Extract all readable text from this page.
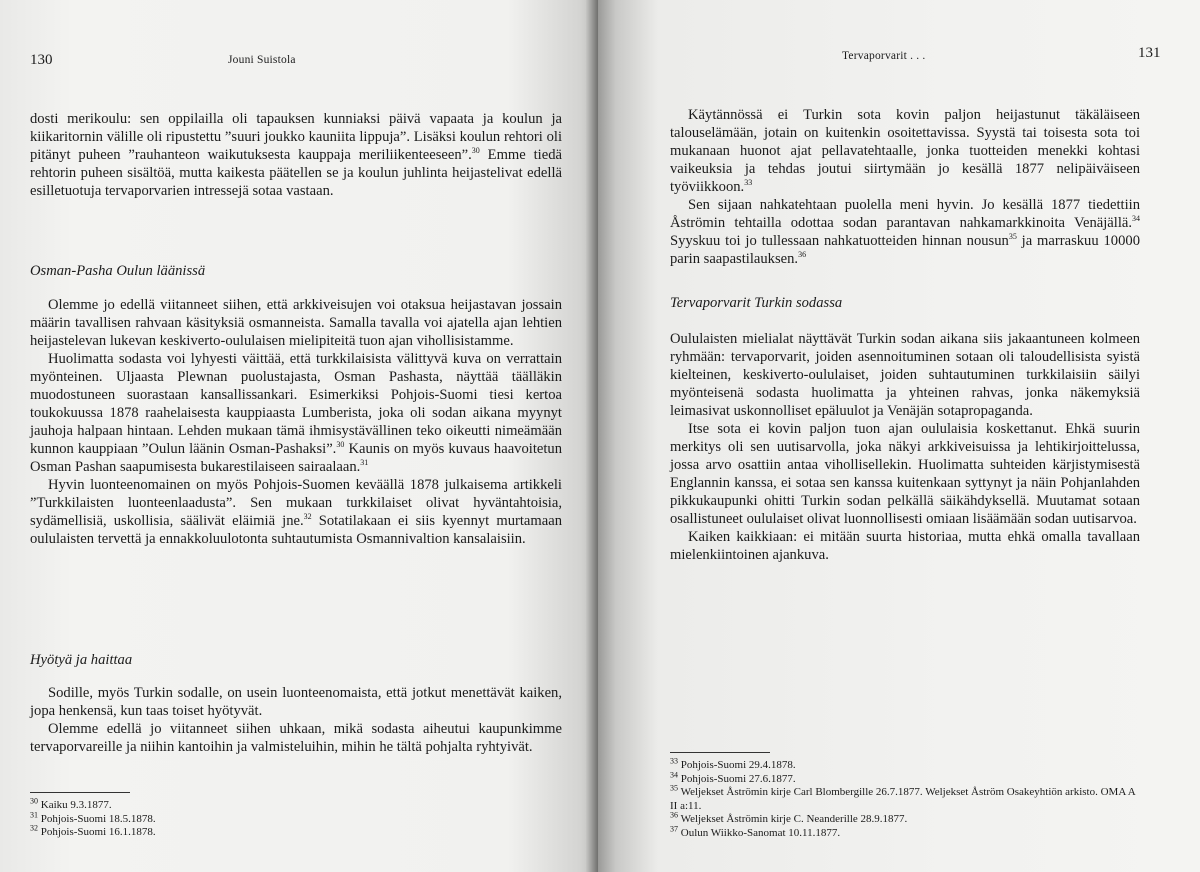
130	Jouni Suistola

dosti merikoulu: sen oppilailla oli tapauksen kunniaksi päivä vapaata ja koulun ja kiikaritornin välille oli ripustettu ”suuri joukko kauniita lippuja”. Lisäksi koulun rehtori oli pitänyt puheen ”rauhanteon waikutuksesta kauppaja meriliikenteeseen”.$^{30}$ Emme tiedä rehtorin puheen sisältöä, mutta kaikesta päätellen se ja koulun juhlinta heijastelivat edellä esilletuotuja tervaporvarien intressejä sotaa vastaan.

Osman-Pasha Oulun läänissä

Olemme jo edellä viitanneet siihen, että arkkiveisujen voi otaksua heijastavan jossain määrin tavallisen rahvaan käsityksiä osmanneista. Samalla tavalla voi ajatella ajan lehtien heijastelevan lukevan keskiverto-oululaisen mielipiteitä tuon ajan vihollisistamme.

Huolimatta sodasta voi lyhyesti väittää, että turkkilaisista välittyvä kuva on verrattain myönteinen. Uljaasta Plewnan puolustajasta, Osman Pashasta, näyttää täälläkin muodostuneen suorastaan kansallissankari. Esimerkiksi Pohjois-Suomi tiesi kertoa toukokuussa 1878 raahelaisesta kauppiaasta Lumberista, joka oli sodan aikana myynyt jauhoja halpaan hintaan. Lehden mukaan tämä ihmisystävällinen teko oikeutti nimeämään kunnon kauppiaan ”Oulun läänin Osman-Pashaksi”.$^{30}$ Kaunis on myös kuvaus haavoitetun Osman Pashan saapumisesta bukarestilaiseen sairaalaan.$^{31}$

Hyvin luonteenomainen on myös Pohjois-Suomen keväällä 1878 julkaisema artikkeli ”Turkkilaisten luonteenlaadusta”. Sen mukaan turkkilaiset olivat hyväntahtoisia, sydämellisiä, uskollisia, säälivät eläimiä jne.$^{32}$ Sotatilakaan ei siis kyennyt murtamaan oululaisten tervettä ja ennakkoluulotonta suhtautumista Osmannivaltion kansalaisiin.

Hyötyä ja haittaa

Sodille, myös Turkin sodalle, on usein luonteenomaista, että jotkut menettävät kaiken, jopa henkensä, kun taas toiset hyötyvät.

Olemme edellä jo viitanneet siihen uhkaan, mikä sodasta aiheutui kaupunkimme tervaporvareille ja niihin kantoihin ja valmisteluihin, mihin he tältä pohjalta ryhtyivät.

$^{30}$ Kaiku 9.3.1877.
$^{31}$ Pohjois-Suomi 18.5.1878.
$^{32}$ Pohjois-Suomi 16.1.1878.
Tervaporvarit . . .	131

Käytännössä ei Turkin sota kovin paljon heijastunut täkäläiseen talouselämään, jotain on kuitenkin osoitettavissa. Syystä tai toisesta sota toi mukanaan huonot ajat pellavatehtaalle, jonka tuotteiden menekki kohtasi vaikeuksia ja tehdas joutui siirtymään jo kesällä 1877 nelipäiväiseen työviikkoon.$^{33}$

Sen sijaan nahkatehtaan puolella meni hyvin. Jo kesällä 1877 tiedettiin Åströmin tehtailla odottaa sodan parantavan nahkamarkkinoita Venäjällä.$^{34}$ Syyskuu toi jo tullessaan nahkatuotteiden hinnan nousun$^{35}$ ja marraskuu 10000 parin saapastilauksen.$^{36}$

Tervaporvarit Turkin sodassa

Oululaisten mielialat näyttävät Turkin sodan aikana siis jakaantuneen kolmeen ryhmään: tervaporvarit, joiden asennoituminen sotaan oli taloudellisista syistä kielteinen, keskiverto-oululaiset, joiden suhtautuminen turkkilaisiin säilyi myönteisenä sodasta huolimatta ja yhteinen rahvas, jonka näkemyksiä leimasivat uskonnolliset epäluulot ja Venäjän sotapropaganda.

Itse sota ei kovin paljon tuon ajan oululaisia koskettanut. Ehkä suurin merkitys oli sen uutisarvolla, joka näkyi arkkiveisuissa ja lehtikirjoittelussa, jossa arvo osattiin antaa vihollisellekin. Huolimatta suhteiden kärjistymisestä Englannin kanssa, ei sotaa sen kanssa kuitenkaan syttynyt ja näin Pohjanlahden pikkukaupunki ohitti Turkin sodan pelkällä säikähdyksellä. Muutamat sotaan osallistuneet oululaiset olivat luonnollisesti omiaan lisäämään sodan uutisarvoa.

Kaiken kaikkiaan: ei mitään suurta historiaa, mutta ehkä omalla tavallaan mielenkiintoinen ajankuva.

$^{33}$ Pohjois-Suomi 29.4.1878.
$^{34}$ Pohjois-Suomi 27.6.1877.
$^{35}$ Weljekset Åströmin kirje Carl Blombergille 26.7.1877. Weljekset Åström Osakeyhtiön arkisto. OMA A II a:11.
$^{36}$ Weljekset Åströmin kirje C. Neanderille 28.9.1877.
$^{37}$ Oulun Wiikko-Sanomat 10.11.1877.
